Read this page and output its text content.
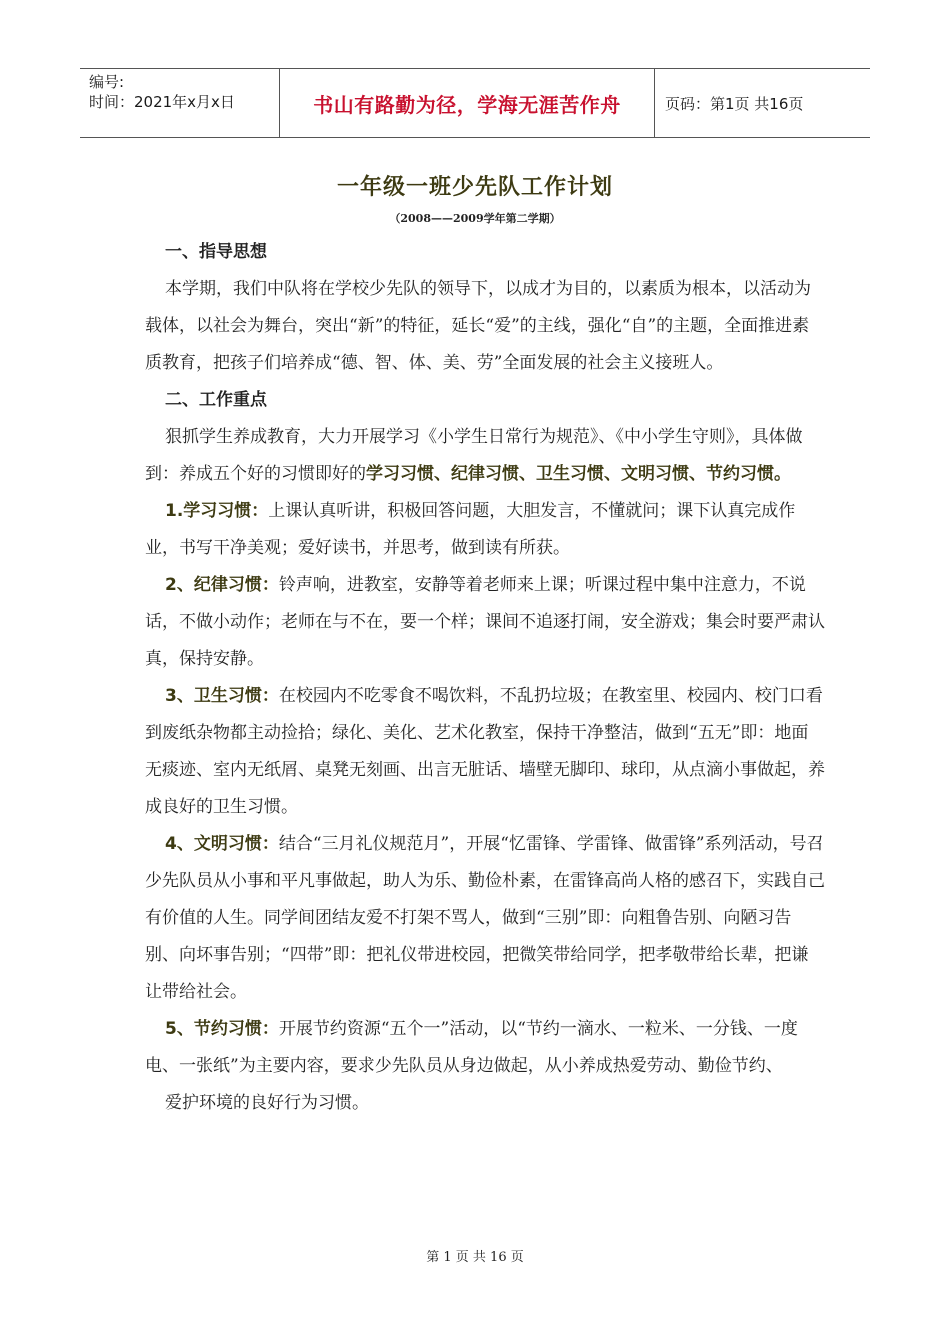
编号:
时间：2021年x月x日	书山有路勤为径，学海无涯苦作舟	页码：第1页 共16页
一年级一班少先队工作计划
（2008——2009学年第二学期）

一、指导思想

本学期，我们中队将在学校少先队的领导下，以成才为目的，以素质为根本，以活动为载体，以社会为舞台，突出“新”的特征，延长“爱”的主线，强化“自”的主题，全面推进素质教育，把孩子们培养成“德、智、体、美、劳”全面发展的社会主义接班人。

二、工作重点

狠抓学生养成教育，大力开展学习《小学生日常行为规范》、《中小学生守则》，具体做到：养成五个好的习惯即好的学习习惯、纪律习惯、卫生习惯、文明习惯、节约习惯。

1.学习习惯：上课认真听讲，积极回答问题，大胆发言，不懂就问；课下认真完成作业，书写干净美观；爱好读书，并思考，做到读有所获。

2、纪律习惯：铃声响，进教室，安静等着老师来上课；听课过程中集中注意力，不说话，不做小动作；老师在与不在，要一个样；课间不追逐打闹，安全游戏；集会时要严肃认真，保持安静。

3、卫生习惯：在校园内不吃零食不喝饮料，不乱扔垃圾；在教室里、校园内、校门口看到废纸杂物都主动捡拾；绿化、美化、艺术化教室，保持干净整洁，做到“五无”即：地面无痰迹、室内无纸屑、桌凳无刻画、出言无脏话、墙壁无脚印、球印，从点滴小事做起，养成良好的卫生习惯。

4、文明习惯：结合“三月礼仪规范月”，开展“忆雷锋、学雷锋、做雷锋”系列活动，号召少先队员从小事和平凡事做起，助人为乐、勤俭朴素，在雷锋高尚人格的感召下，实践自己有价值的人生。同学间团结友爱不打架不骂人，做到“三别”即：向粗鲁告别、向陋习告别、向坏事告别；“四带”即：把礼仪带进校园，把微笑带给同学，把孝敬带给长辈，把谦让带给社会。

5、节约习惯：开展节约资源“五个一”活动，以“节约一滴水、一粒米、一分钱、一度电、一张纸”为主要内容，要求少先队员从身边做起，从小养成热爱劳动、勤俭节约、

爱护环境的良好行为习惯。

第 1 页 共 16 页
